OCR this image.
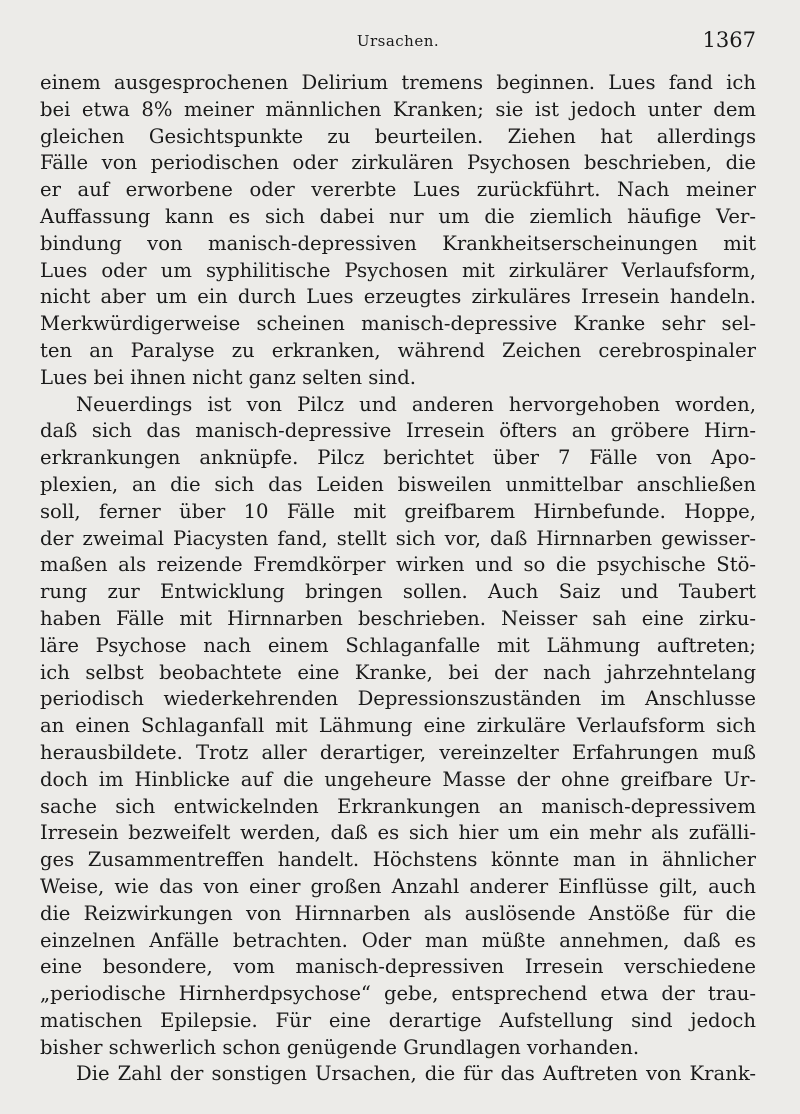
Ursachen.	1367
einem ausgesprochenen Delirium tremens beginnen. Lues fand ich
bei etwa 8% meiner männlichen Kranken; sie ist jedoch unter dem
gleichen Gesichtspunkte zu beurteilen. Ziehen hat allerdings
Fälle von periodischen oder zirkulären Psychosen beschrieben, die
er auf erworbene oder vererbte Lues zurückführt. Nach meiner
Auffassung kann es sich dabei nur um die ziemlich häufige Ver-
bindung von manisch-depressiven Krankheitserscheinungen mit
Lues oder um syphilitische Psychosen mit zirkulärer Verlaufsform,
nicht aber um ein durch Lues erzeugtes zirkuläres Irresein handeln.
Merkwürdigerweise scheinen manisch-depressive Kranke sehr sel-
ten an Paralyse zu erkranken, während Zeichen cerebrospinaler
Lues bei ihnen nicht ganz selten sind.
Neuerdings ist von Pilcz und anderen hervorgehoben worden,
daß sich das manisch-depressive Irresein öfters an gröbere Hirn-
erkrankungen anknüpfe. Pilcz berichtet über 7 Fälle von Apo-
plexien, an die sich das Leiden bisweilen unmittelbar anschließen
soll, ferner über 10 Fälle mit greifbarem Hirnbefunde. Hoppe,
der zweimal Piacysten fand, stellt sich vor, daß Hirnnarben gewisser-
maßen als reizende Fremdkörper wirken und so die psychische Stö-
rung zur Entwicklung bringen sollen. Auch Saiz und Taubert
haben Fälle mit Hirnnarben beschrieben. Neisser sah eine zirku-
läre Psychose nach einem Schlaganfalle mit Lähmung auftreten;
ich selbst beobachtete eine Kranke, bei der nach jahrzehntelang
periodisch wiederkehrenden Depressionszuständen im Anschlusse
an einen Schlaganfall mit Lähmung eine zirkuläre Verlaufsform sich
herausbildete. Trotz aller derartiger, vereinzelter Erfahrungen muß
doch im Hinblicke auf die ungeheure Masse der ohne greifbare Ur-
sache sich entwickelnden Erkrankungen an manisch-depressivem
Irresein bezweifelt werden, daß es sich hier um ein mehr als zufälli-
ges Zusammentreffen handelt. Höchstens könnte man in ähnlicher
Weise, wie das von einer großen Anzahl anderer Einflüsse gilt, auch
die Reizwirkungen von Hirnnarben als auslösende Anstöße für die
einzelnen Anfälle betrachten. Oder man müßte annehmen, daß es
eine besondere, vom manisch-depressiven Irresein verschiedene
„periodische Hirnherdpsychose“ gebe, entsprechend etwa der trau-
matischen Epilepsie. Für eine derartige Aufstellung sind jedoch
bisher schwerlich schon genügende Grundlagen vorhanden.
Die Zahl der sonstigen Ursachen, die für das Auftreten von Krank-
